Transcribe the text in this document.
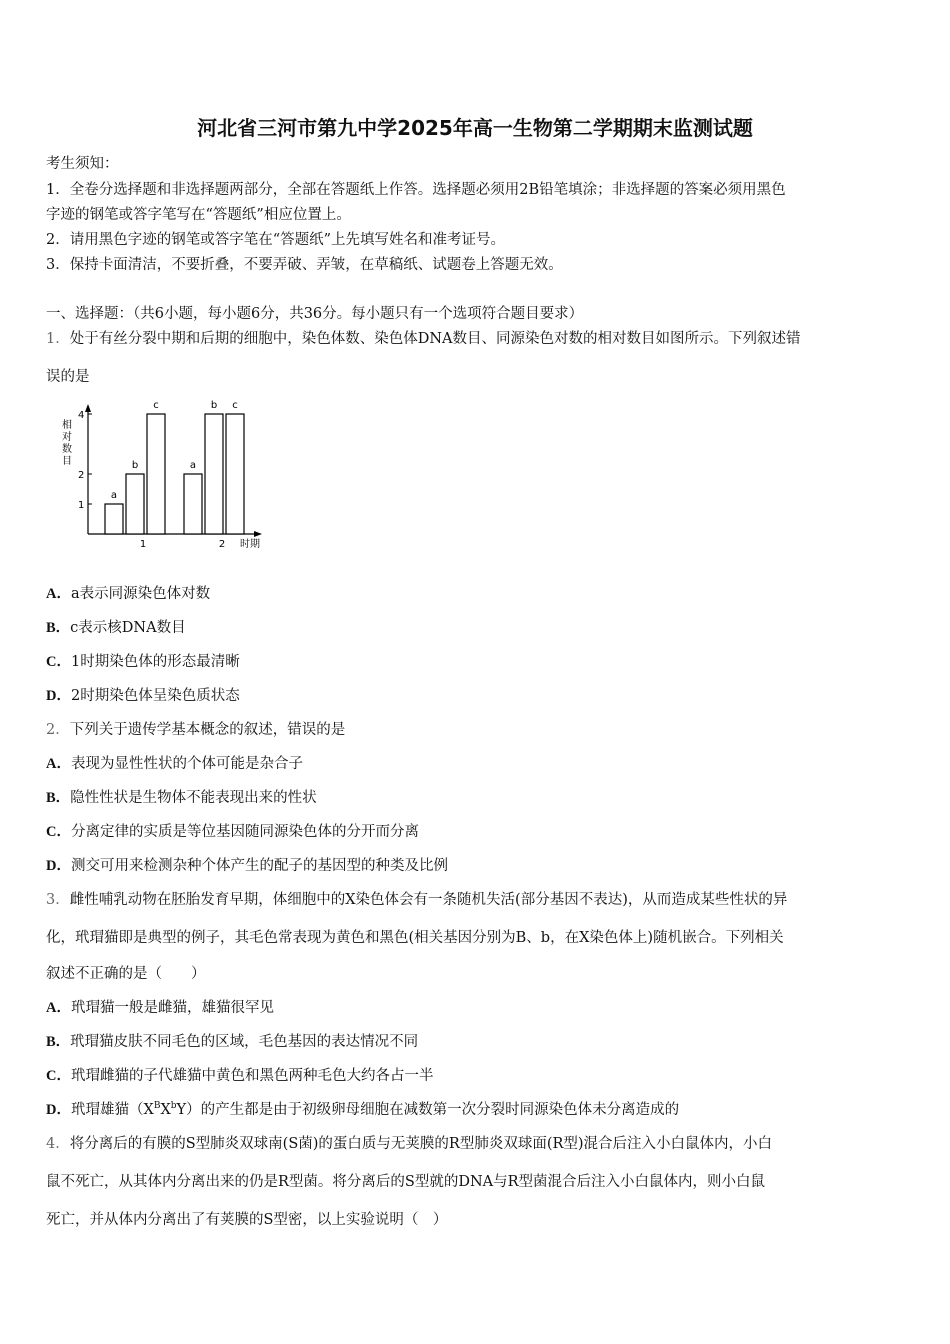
河北省三河市第九中学2025年高一生物第二学期期末监测试题
考生须知：
1．全卷分选择题和非选择题两部分，全部在答题纸上作答。选择题必须用2B铅笔填涂；非选择题的答案必须用黑色
字迹的钢笔或答字笔写在“答题纸”相应位置上。
2．请用黑色字迹的钢笔或答字笔在“答题纸”上先填写姓名和准考证号。
3．保持卡面清洁，不要折叠，不要弄破、弄皱，在草稿纸、试题卷上答题无效。
一、选择题：（共6小题，每小题6分，共36分。每小题只有一个选项符合题目要求）
1．处于有丝分裂中期和后期的细胞中，染色体数、染色体DNA数目、同源染色对数的相对数目如图所示。下列叙述错
误的是
相 对 数 目
1
2
4
a
b
c
1
a
b c
2 时期
A．a表示同源染色体对数
B．c表示核DNA数目
C．1时期染色体的形态最清晰
D．2时期染色体呈染色质状态
2．下列关于遗传学基本概念的叙述，错误的是
A．表现为显性性状的个体可能是杂合子
B．隐性性状是生物体不能表现出来的性状
C．分离定律的实质是等位基因随同源染色体的分开而分离
D．测交可用来检测杂种个体产生的配子的基因型的种类及比例
3．雌性哺乳动物在胚胎发育早期，体细胞中的X染色体会有一条随机失活(部分基因不表达)，从而造成某些性状的异
化，玳瑁猫即是典型的例子，其毛色常表现为黄色和黑色(相关基因分别为B、b，在X染色体上)随机嵌合。下列相关
叙述不正确的是（　　）
A．玳瑁猫一般是雌猫，雄猫很罕见
B．玳瑁猫皮肤不同毛色的区域，毛色基因的表达情况不同
C．玳瑁雌猫的子代雄猫中黄色和黑色两种毛色大约各占一半
D．玳瑁雄猫$(X^BX^bY)$的产生都是由于初级卵母细胞在减数第一次分裂时同源染色体未分离造成的
4．将分离后的有膜的S型肺炎双球南(S菌)的蛋白质与无荚膜的R型肺炎双球面(R型)混合后注入小白鼠体内，小白
鼠不死亡，从其体内分离出来的仍是R型菌。将分离后的S型就的DNA与R型菌混合后注入小白鼠体内，则小白鼠
死亡，并从体内分离出了有荚膜的S型密，以上实验说明（　）
